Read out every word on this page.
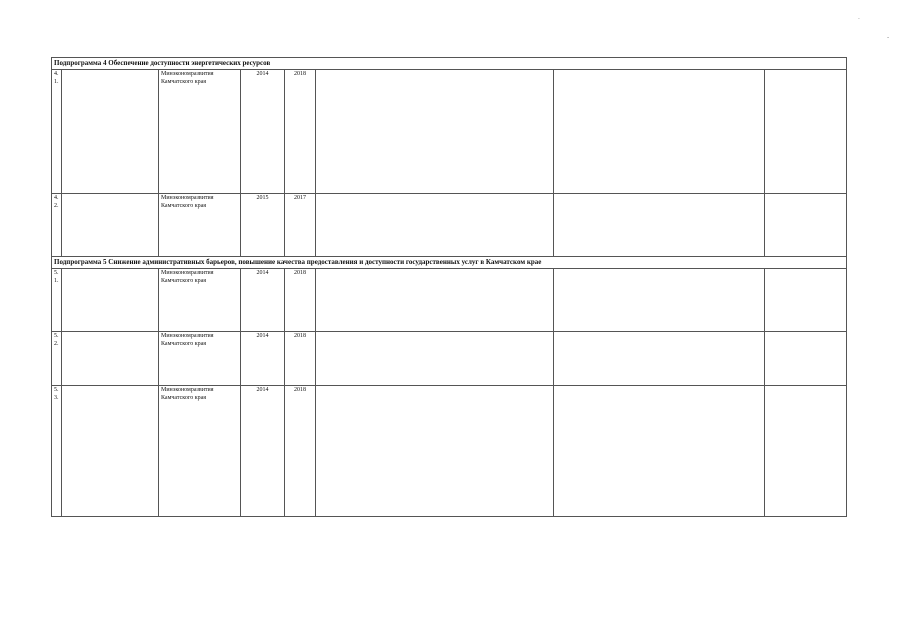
.
-
Подпрограмма 4 Обеспечение доступности энергетических ресурсов							
4.1.		Минэкономразвития Камчатского края	2014	2018			
4.2.		Минэкономразвития Камчатского края	2015	2017			
Подпрограмма 5 Снижение административных барьеров, повышение качества предоставления и доступности государственных услуг в Камчатском крае							
5.1.		Минэкономразвития Камчатского края	2014	2018			
5.2.		Минэкономразвития Камчатского края	2014	2018			
5.3.		Минэкономразвития Камчатского края	2014	2018			
